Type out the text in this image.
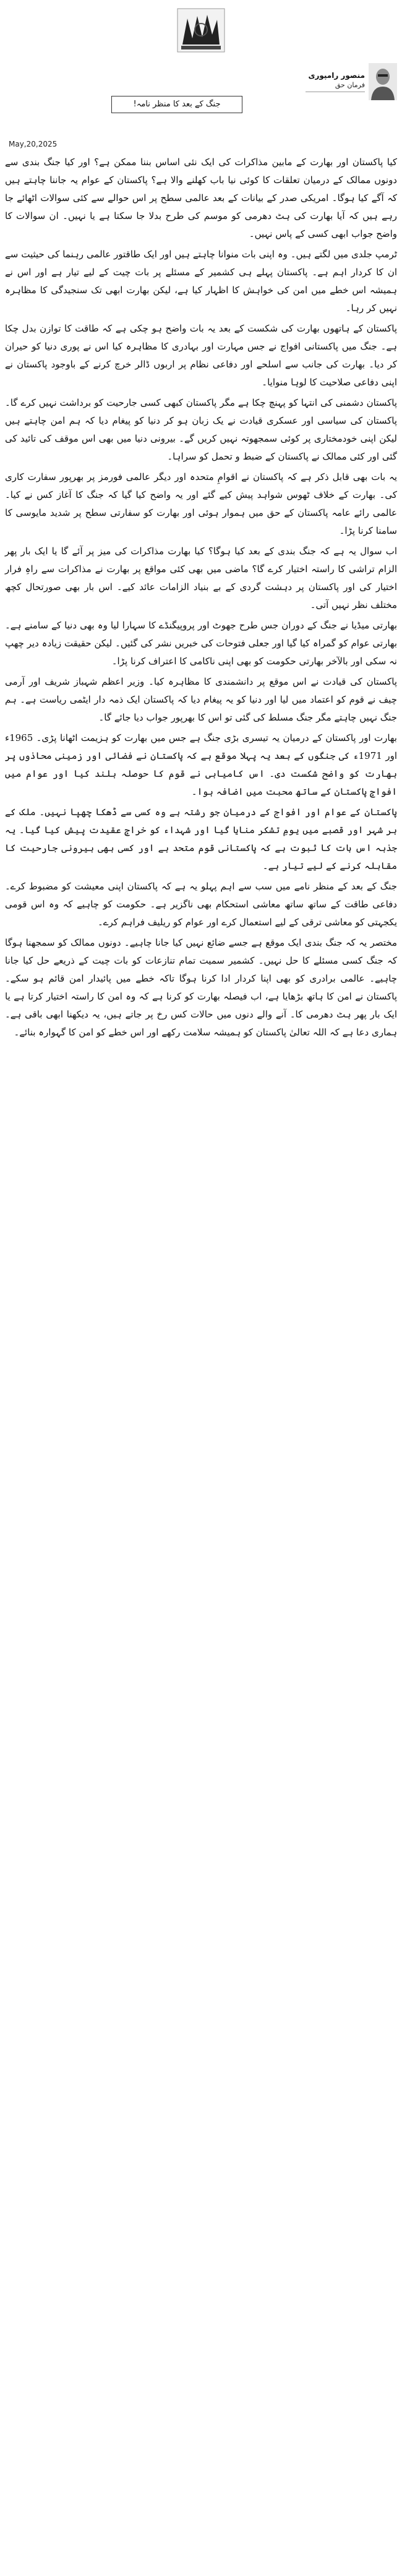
منصور رامپوری
فرمان حق
جنگ کے بعد کا منظر نامہ!
May,20,2025

کیا پاکستان اور بھارت کے مابین مذاکرات کی ایک نئی اساس بننا ممکن ہے؟ اور کیا جنگ بندی سے دونوں ممالک کے درمیان تعلقات کا کوئی نیا باب کھلنے والا ہے؟ پاکستان کے عوام یہ جاننا چاہتے ہیں کہ آگے کیا ہوگا۔ امریکی صدر کے بیانات کے بعد عالمی سطح پر اس حوالے سے کئی سوالات اٹھائے جا رہے ہیں کہ آیا بھارت کی ہٹ دھرمی کو موسم کی طرح بدلا جا سکتا ہے یا نہیں۔ ان سوالات کا واضح جواب ابھی کسی کے پاس نہیں۔

ٹرمپ جلدی میں لگتے ہیں۔ وہ اپنی بات منوانا چاہتے ہیں اور ایک طاقتور عالمی رہنما کی حیثیت سے ان کا کردار اہم ہے۔ پاکستان پہلے ہی کشمیر کے مسئلے پر بات چیت کے لیے تیار ہے اور اس نے ہمیشہ اس خطے میں امن کی خواہش کا اظہار کیا ہے، لیکن بھارت ابھی تک سنجیدگی کا مظاہرہ نہیں کر رہا۔

پاکستان کے ہاتھوں بھارت کی شکست کے بعد یہ بات واضح ہو چکی ہے کہ طاقت کا توازن بدل چکا ہے۔ جنگ میں پاکستانی افواج نے جس مہارت اور بہادری کا مظاہرہ کیا اس نے پوری دنیا کو حیران کر دیا۔ بھارت کی جانب سے اسلحے اور دفاعی نظام پر اربوں ڈالر خرچ کرنے کے باوجود پاکستان نے اپنی دفاعی صلاحیت کا لوہا منوایا۔

پاکستان دشمنی کی انتہا کو پہنچ چکا ہے مگر پاکستان کبھی کسی جارحیت کو برداشت نہیں کرے گا۔ پاکستان کی سیاسی اور عسکری قیادت نے یک زبان ہو کر دنیا کو پیغام دیا کہ ہم امن چاہتے ہیں لیکن اپنی خودمختاری پر کوئی سمجھوتہ نہیں کریں گے۔ بیرونی دنیا میں بھی اس موقف کی تائید کی گئی اور کئی ممالک نے پاکستان کے ضبط و تحمل کو سراہا۔

یہ بات بھی قابل ذکر ہے کہ پاکستان نے اقوامِ متحدہ اور دیگر عالمی فورمز پر بھرپور سفارت کاری کی۔ بھارت کے خلاف ٹھوس شواہد پیش کیے گئے اور یہ واضح کیا گیا کہ جنگ کا آغاز کس نے کیا۔ عالمی رائے عامہ پاکستان کے حق میں ہموار ہوئی اور بھارت کو سفارتی سطح پر شدید مایوسی کا سامنا کرنا پڑا۔

اب سوال یہ ہے کہ جنگ بندی کے بعد کیا ہوگا؟ کیا بھارت مذاکرات کی میز پر آئے گا یا ایک بار پھر الزام تراشی کا راستہ اختیار کرے گا؟ ماضی میں بھی کئی مواقع پر بھارت نے مذاکرات سے راہِ فرار اختیار کی اور پاکستان پر دہشت گردی کے بے بنیاد الزامات عائد کیے۔ اس بار بھی صورتحال کچھ مختلف نظر نہیں آتی۔

بھارتی میڈیا نے جنگ کے دوران جس طرح جھوٹ اور پروپیگنڈے کا سہارا لیا وہ بھی دنیا کے سامنے ہے۔ بھارتی عوام کو گمراہ کیا گیا اور جعلی فتوحات کی خبریں نشر کی گئیں۔ لیکن حقیقت زیادہ دیر چھپ نہ سکی اور بالآخر بھارتی حکومت کو بھی اپنی ناکامی کا اعتراف کرنا پڑا۔

پاکستان کی قیادت نے اس موقع پر دانشمندی کا مظاہرہ کیا۔ وزیر اعظم شہباز شریف اور آرمی چیف نے قوم کو اعتماد میں لیا اور دنیا کو یہ پیغام دیا کہ پاکستان ایک ذمہ دار ایٹمی ریاست ہے۔ ہم جنگ نہیں چاہتے مگر جنگ مسلط کی گئی تو اس کا بھرپور جواب دیا جائے گا۔

بھارت اور پاکستان کے درمیان یہ تیسری بڑی جنگ ہے جس میں بھارت کو ہزیمت اٹھانا پڑی۔ 1965ء اور 1971ء کی جنگوں کے بعد یہ پہلا موقع ہے کہ پاکستان نے فضائی اور زمینی محاذوں پر بھارت کو واضح شکست دی۔ اس کامیابی نے قوم کا حوصلہ بلند کیا اور عوام میں افواجِ پاکستان کے ساتھ محبت میں اضافہ ہوا۔

پاکستان کے عوام اور افواج کے درمیان جو رشتہ ہے وہ کسی سے ڈھکا چھپا نہیں۔ ملک کے ہر شہر اور قصبے میں یومِ تشکر منایا گیا اور شہداء کو خراجِ عقیدت پیش کیا گیا۔ یہ جذبہ اس بات کا ثبوت ہے کہ پاکستانی قوم متحد ہے اور کسی بھی بیرونی جارحیت کا مقابلہ کرنے کے لیے تیار ہے۔

جنگ کے بعد کے منظر نامے میں سب سے اہم پہلو یہ ہے کہ پاکستان اپنی معیشت کو مضبوط کرے۔ دفاعی طاقت کے ساتھ ساتھ معاشی استحکام بھی ناگزیر ہے۔ حکومت کو چاہیے کہ وہ اس قومی یکجہتی کو معاشی ترقی کے لیے استعمال کرے اور عوام کو ریلیف فراہم کرے۔

مختصر یہ کہ جنگ بندی ایک موقع ہے جسے ضائع نہیں کیا جانا چاہیے۔ دونوں ممالک کو سمجھنا ہوگا کہ جنگ کسی مسئلے کا حل نہیں۔ کشمیر سمیت تمام تنازعات کو بات چیت کے ذریعے حل کیا جانا چاہیے۔ عالمی برادری کو بھی اپنا کردار ادا کرنا ہوگا تاکہ خطے میں پائیدار امن قائم ہو سکے۔ پاکستان نے امن کا ہاتھ بڑھایا ہے، اب فیصلہ بھارت کو کرنا ہے کہ وہ امن کا راستہ اختیار کرتا ہے یا ایک بار پھر ہٹ دھرمی کا۔ آنے والے دنوں میں حالات کس رخ پر جاتے ہیں، یہ دیکھنا ابھی باقی ہے۔ ہماری دعا ہے کہ اللہ تعالیٰ پاکستان کو ہمیشہ سلامت رکھے اور اس خطے کو امن کا گہوارہ بنائے۔
